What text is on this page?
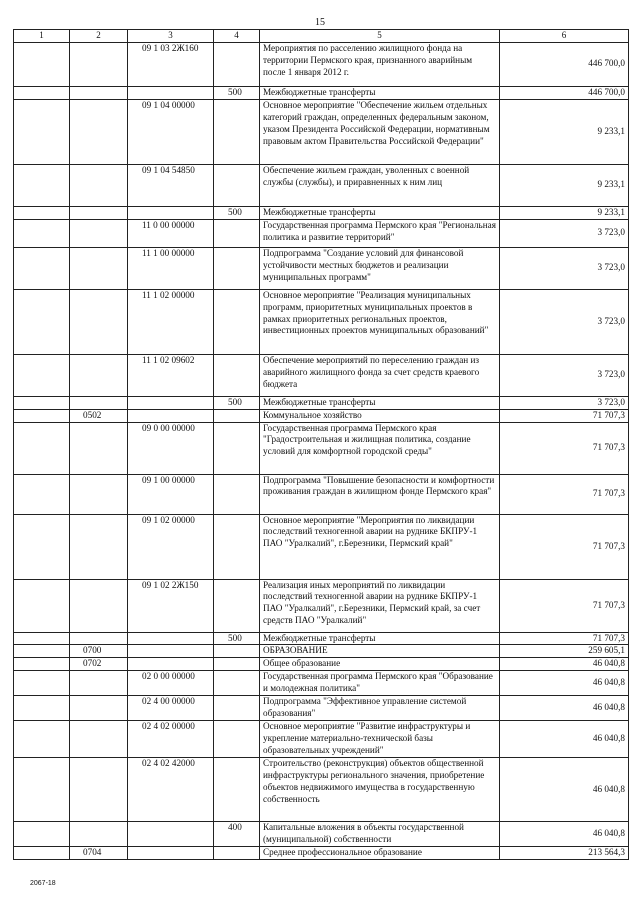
15
1	2	3	4	5	6
		09 1 03 2Ж160		Мероприятия по расселению жилищного фонда на территории Пермского края, признанного аварийным после 1 января 2012 г.	446 700,0
			500	Межбюджетные трансферты	446 700,0
		09 1 04 00000		Основное мероприятие "Обеспечение жильем отдельных категорий граждан, определенных федеральным законом, указом Президента Российской Федерации, нормативным правовым актом Правительства Российской Федерации"	9 233,1
		09 1 04 54850		Обеспечение жильем граждан, уволенных с военной службы (службы), и приравненных к ним лиц	9 233,1
			500	Межбюджетные трансферты	9 233,1
		11 0 00 00000		Государственная программа Пермского края "Региональная политика и развитие территорий"	3 723,0
		11 1 00 00000		Подпрограмма "Создание условий для финансовой устойчивости местных бюджетов и реализации муниципальных программ"	3 723,0
		11 1 02 00000		Основное мероприятие "Реализация муниципальных программ, приоритетных муниципальных проектов в рамках приоритетных региональных проектов, инвестиционных проектов муниципальных образований"	3 723,0
		11 1 02 09602		Обеспечение мероприятий по переселению граждан из аварийного жилищного фонда за счет средств краевого бюджета	3 723,0
			500	Межбюджетные трансферты	3 723,0
	0502			Коммунальное хозяйство	71 707,3
		09 0 00 00000		Государственная программа Пермского края "Градостроительная и жилищная политика, создание условий для комфортной городской среды"	71 707,3
		09 1 00 00000		Подпрограмма "Повышение безопасности и комфортности проживания граждан в жилищном фонде Пермского края"	71 707,3
		09 1 02 00000		Основное мероприятие "Мероприятия по ликвидации последствий техногенной аварии на руднике БКПРУ-1 ПАО "Уралкалий", г.Березники, Пермский край"	71 707,3
		09 1 02 2Ж150		Реализация иных мероприятий по ликвидации последствий техногенной аварии на руднике БКПРУ-1 ПАО "Уралкалий", г.Березники, Пермский край, за счет средств ПАО "Уралкалий"	71 707,3
			500	Межбюджетные трансферты	71 707,3
	0700			ОБРАЗОВАНИЕ	259 605,1
	0702			Общее образование	46 040,8
		02 0 00 00000		Государственная программа Пермского края "Образование и молодежная политика"	46 040,8
		02 4 00 00000		Подпрограмма "Эффективное управление системой образования"	46 040,8
		02 4 02 00000		Основное мероприятие "Развитие инфраструктуры и укрепление материально-технической базы образовательных учреждений"	46 040,8
		02 4 02 42000		Строительство (реконструкция) объектов общественной инфраструктуры регионального значения, приобретение объектов недвижимого имущества в государственную собственность	46 040,8
			400	Капитальные вложения в объекты государственной (муниципальной) собственности	46 040,8
	0704			Среднее профессиональное образование	213 564,3
2067-18
